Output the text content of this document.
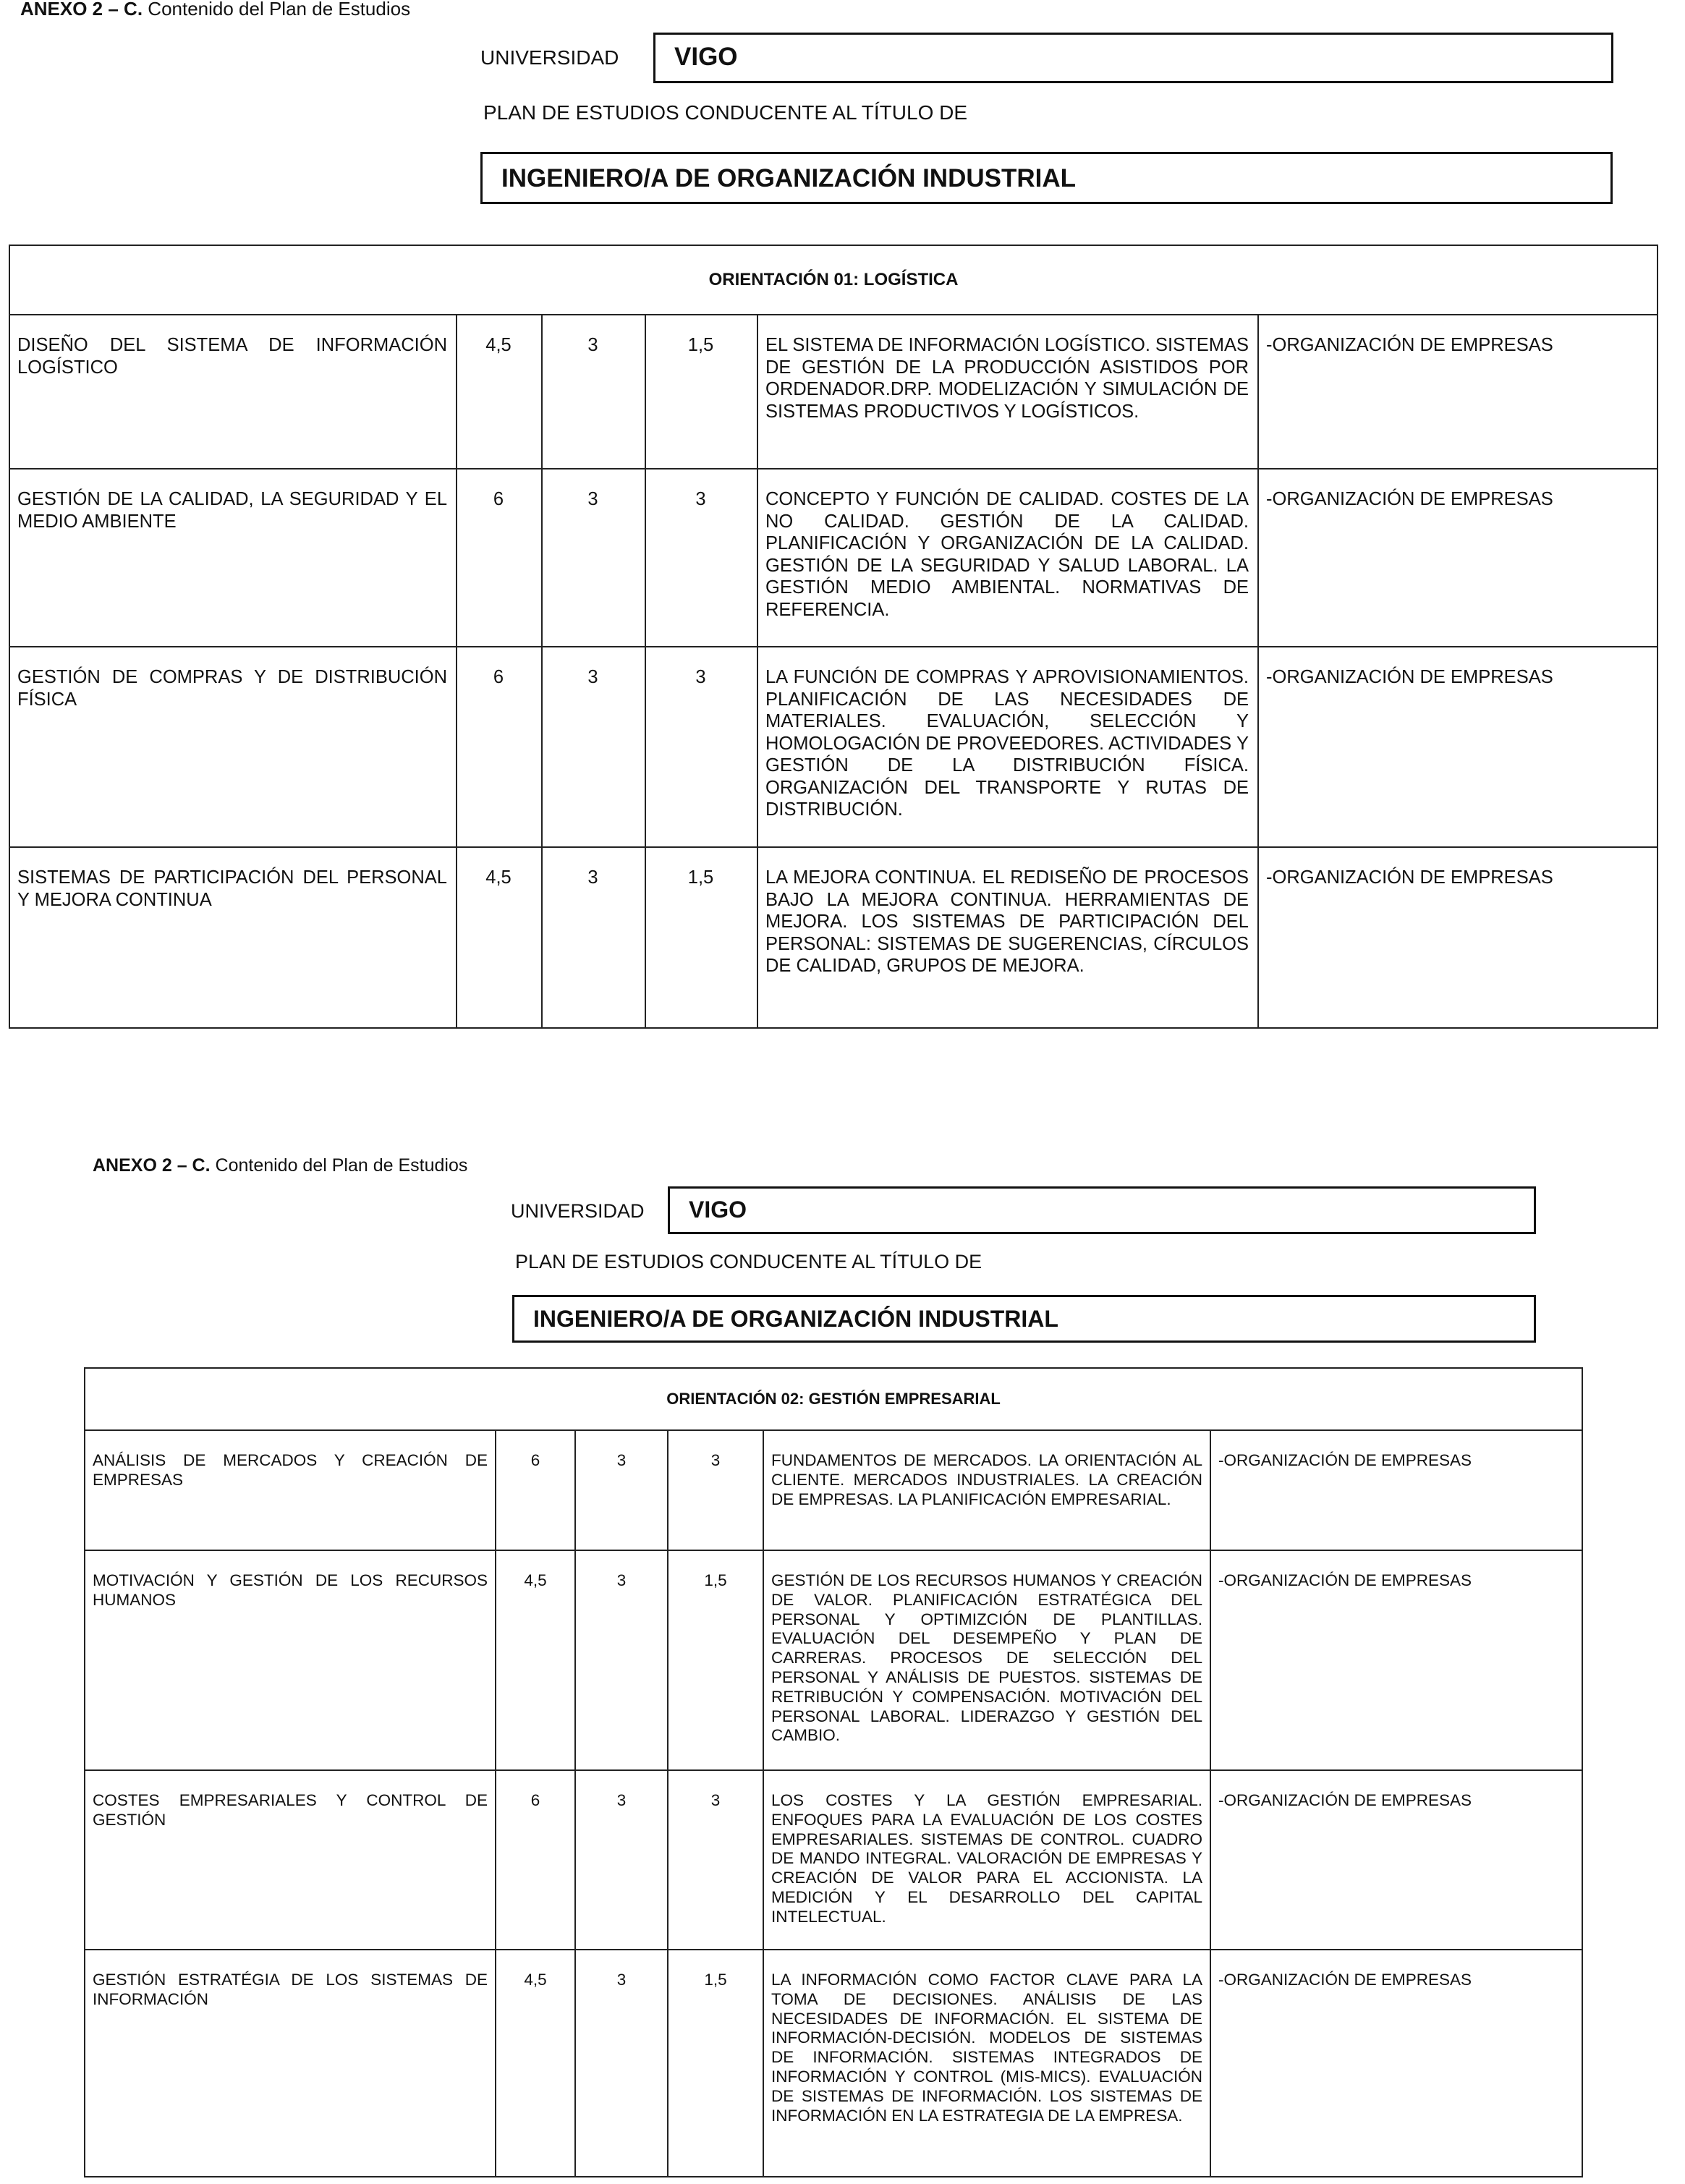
ANEXO 2 – C. Contenido del Plan de Estudios
UNIVERSIDAD VIGO
PLAN DE ESTUDIOS CONDUCENTE AL TÍTULO DE
INGENIERO/A DE ORGANIZACIÓN INDUSTRIAL
ORIENTACIÓN 01: LOGÍSTICA					

DISEÑO DEL SISTEMA DE INFORMACIÓN LOGÍSTICO	4,5	3	1,5	EL SISTEMA DE INFORMACIÓN LOGÍSTICO. SISTEMAS DE GESTIÓN DE LA PRODUCCIÓN ASISTIDOS POR ORDENADOR.DRP. MODELIZACIÓN Y SIMULACIÓN DE SISTEMAS PRODUCTIVOS Y LOGÍSTICOS.	-ORGANIZACIÓN DE EMPRESAS

GESTIÓN DE LA CALIDAD, LA SEGURIDAD Y EL MEDIO AMBIENTE	6	3	3	CONCEPTO Y FUNCIÓN DE CALIDAD. COSTES DE LA NO CALIDAD. GESTIÓN DE LA CALIDAD. PLANIFICACIÓN Y ORGANIZACIÓN DE LA CALIDAD. GESTIÓN DE LA SEGURIDAD Y SALUD LABORAL. LA GESTIÓN MEDIO AMBIENTAL. NORMATIVAS DE REFERENCIA.	-ORGANIZACIÓN DE EMPRESAS

GESTIÓN DE COMPRAS Y DE DISTRIBUCIÓN FÍSICA	6	3	3	LA FUNCIÓN DE COMPRAS Y APROVISIONAMIENTOS. PLANIFICACIÓN DE LAS NECESIDADES DE MATERIALES. EVALUACIÓN, SELECCIÓN Y HOMOLOGACIÓN DE PROVEEDORES. ACTIVIDADES Y GESTIÓN DE LA DISTRIBUCIÓN FÍSICA. ORGANIZACIÓN DEL TRANSPORTE Y RUTAS DE DISTRIBUCIÓN.	-ORGANIZACIÓN DE EMPRESAS

SISTEMAS DE PARTICIPACIÓN DEL PERSONAL Y MEJORA CONTINUA	4,5	3	1,5	LA MEJORA CONTINUA. EL REDISEÑO DE PROCESOS BAJO LA MEJORA CONTINUA. HERRAMIENTAS DE MEJORA. LOS SISTEMAS DE PARTICIPACIÓN DEL PERSONAL: SISTEMAS DE SUGERENCIAS, CÍRCULOS DE CALIDAD, GRUPOS DE MEJORA.	-ORGANIZACIÓN DE EMPRESAS
ANEXO 2 – C. Contenido del Plan de Estudios
UNIVERSIDAD VIGO
PLAN DE ESTUDIOS CONDUCENTE AL TÍTULO DE
INGENIERO/A DE ORGANIZACIÓN INDUSTRIAL
ORIENTACIÓN 02: GESTIÓN EMPRESARIAL					

ANÁLISIS DE MERCADOS Y CREACIÓN DE EMPRESAS	6	3	3	FUNDAMENTOS DE MERCADOS. LA ORIENTACIÓN AL CLIENTE. MERCADOS INDUSTRIALES. LA CREACIÓN DE EMPRESAS. LA PLANIFICACIÓN EMPRESARIAL.	-ORGANIZACIÓN DE EMPRESAS

MOTIVACIÓN Y GESTIÓN DE LOS RECURSOS HUMANOS	4,5	3	1,5	GESTIÓN DE LOS RECURSOS HUMANOS Y CREACIÓN DE VALOR. PLANIFICACIÓN ESTRATÉGICA DEL PERSONAL Y OPTIMIZCIÓN DE PLANTILLAS. EVALUACIÓN DEL DESEMPEÑO Y PLAN DE CARRERAS. PROCESOS DE SELECCIÓN DEL PERSONAL Y ANÁLISIS DE PUESTOS. SISTEMAS DE RETRIBUCIÓN Y COMPENSACIÓN. MOTIVACIÓN DEL PERSONAL LABORAL. LIDERAZGO Y GESTIÓN DEL CAMBIO.	-ORGANIZACIÓN DE EMPRESAS

COSTES EMPRESARIALES Y CONTROL DE GESTIÓN	6	3	3	LOS COSTES Y LA GESTIÓN EMPRESARIAL. ENFOQUES PARA LA EVALUACIÓN DE LOS COSTES EMPRESARIALES. SISTEMAS DE CONTROL. CUADRO DE MANDO INTEGRAL. VALORACIÓN DE EMPRESAS Y CREACIÓN DE VALOR PARA EL ACCIONISTA. LA MEDICIÓN Y EL DESARROLLO DEL CAPITAL INTELECTUAL.	-ORGANIZACIÓN DE EMPRESAS

GESTIÓN ESTRATÉGIA DE LOS SISTEMAS DE INFORMACIÓN	4,5	3	1,5	LA INFORMACIÓN COMO FACTOR CLAVE PARA LA TOMA DE DECISIONES. ANÁLISIS DE LAS NECESIDADES DE INFORMACIÓN. EL SISTEMA DE INFORMACIÓN-DECISIÓN. MODELOS DE SISTEMAS DE INFORMACIÓN. SISTEMAS INTEGRADOS DE INFORMACIÓN Y CONTROL (MIS-MICS). EVALUACIÓN DE SISTEMAS DE INFORMACIÓN. LOS SISTEMAS DE INFORMACIÓN EN LA ESTRATEGIA DE LA EMPRESA.	-ORGANIZACIÓN DE EMPRESAS
